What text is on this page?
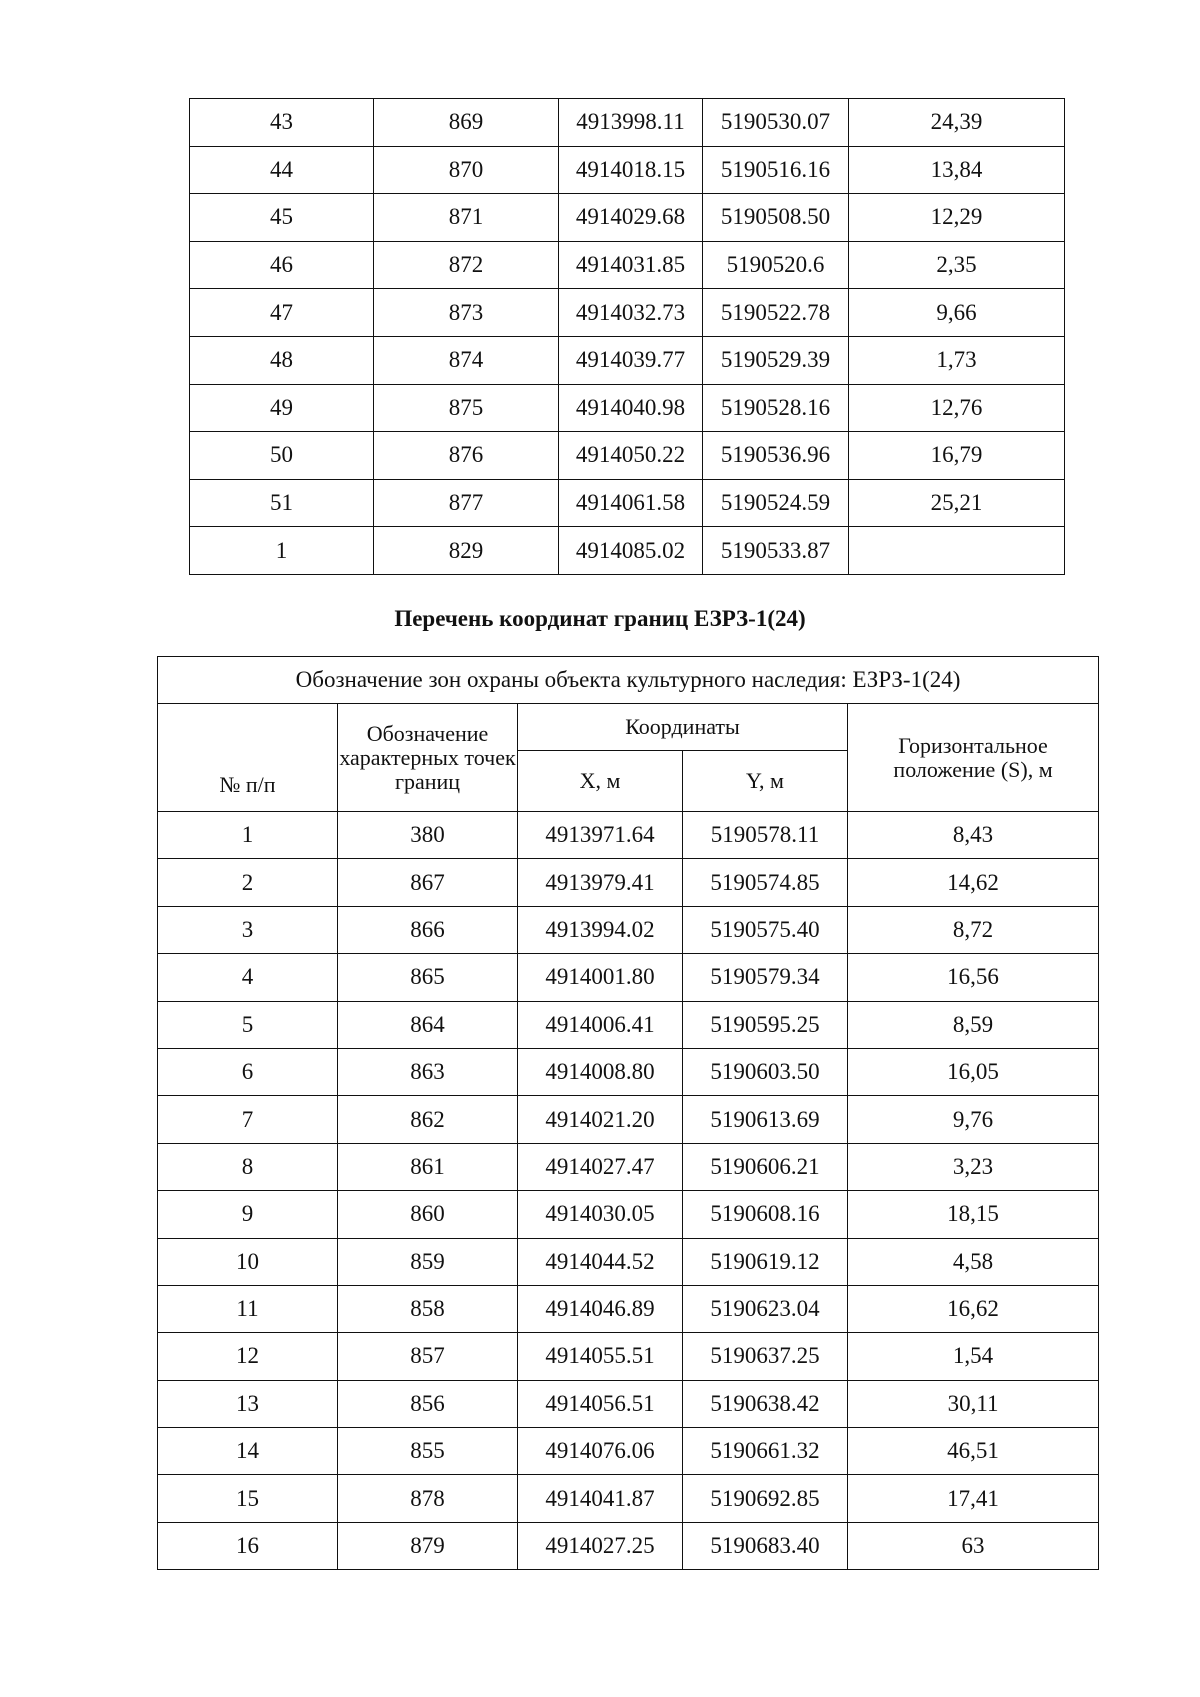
43	869	4913998.11	5190530.07	24,39
44	870	4914018.15	5190516.16	13,84
45	871	4914029.68	5190508.50	12,29
46	872	4914031.85	5190520.6	2,35
47	873	4914032.73	5190522.78	9,66
48	874	4914039.77	5190529.39	1,73
49	875	4914040.98	5190528.16	12,76
50	876	4914050.22	5190536.96	16,79
51	877	4914061.58	5190524.59	25,21
1	829	4914085.02	5190533.87	
Перечень координат границ ЕЗРЗ-1(24)
Обозначение зон охраны объекта культурного наследия: ЕЗРЗ-1(24)				
№ п/п	Обозначение характерных точек границ	Координаты		Горизонтальное положение (S), м
		X, м	Y, м	
1	380	4913971.64	5190578.11	8,43
2	867	4913979.41	5190574.85	14,62
3	866	4913994.02	5190575.40	8,72
4	865	4914001.80	5190579.34	16,56
5	864	4914006.41	5190595.25	8,59
6	863	4914008.80	5190603.50	16,05
7	862	4914021.20	5190613.69	9,76
8	861	4914027.47	5190606.21	3,23
9	860	4914030.05	5190608.16	18,15
10	859	4914044.52	5190619.12	4,58
11	858	4914046.89	5190623.04	16,62
12	857	4914055.51	5190637.25	1,54
13	856	4914056.51	5190638.42	30,11
14	855	4914076.06	5190661.32	46,51
15	878	4914041.87	5190692.85	17,41
16	879	4914027.25	5190683.40	63
